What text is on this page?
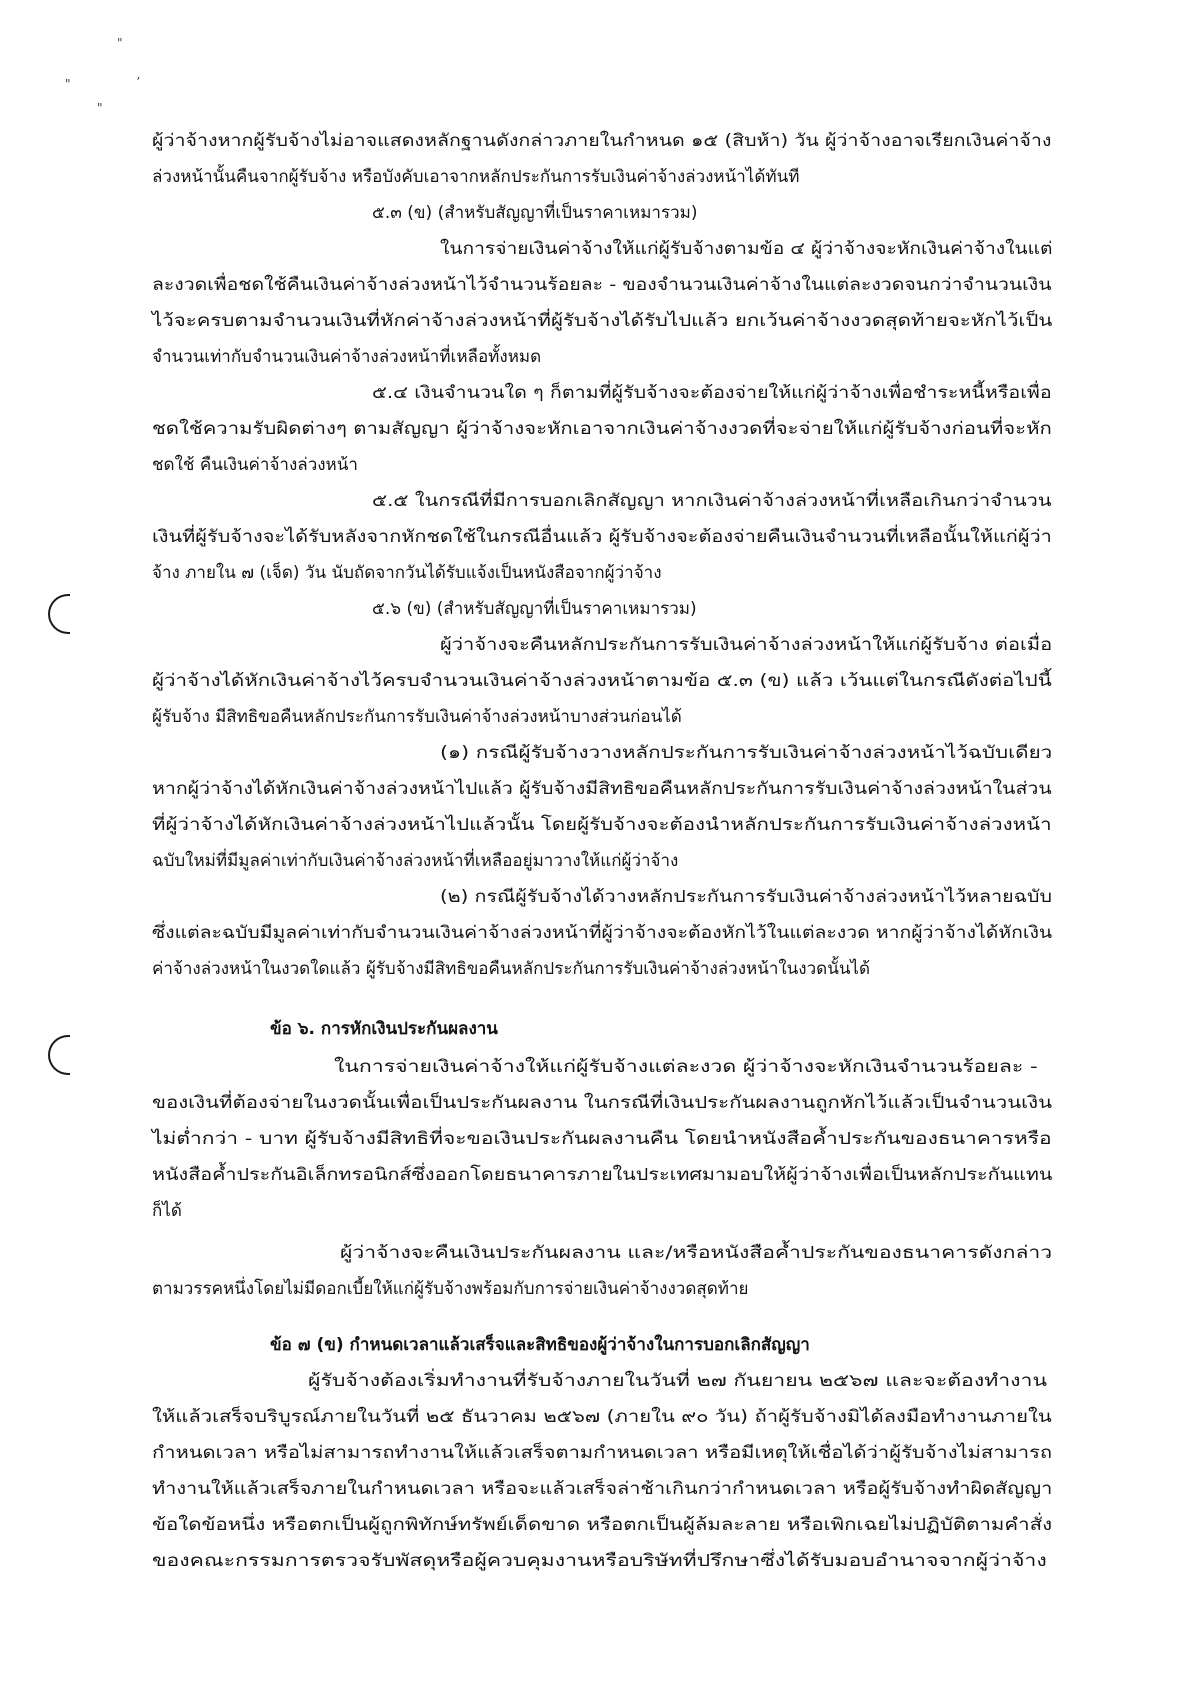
"
"	ʼ
"
ผู้ว่าจ้างหากผู้รับจ้างไม่อาจแสดงหลักฐานดังกล่าวภายในกำหนด ๑๕ (สิบห้า) วัน ผู้ว่าจ้างอาจเรียกเงินค่าจ้าง
ล่วงหน้านั้นคืนจากผู้รับจ้าง หรือบังคับเอาจากหลักประกันการรับเงินค่าจ้างล่วงหน้าได้ทันที
๕.๓ (ข) (สำหรับสัญญาที่เป็นราคาเหมารวม)
ในการจ่ายเงินค่าจ้างให้แก่ผู้รับจ้างตามข้อ ๔ ผู้ว่าจ้างจะหักเงินค่าจ้างในแต่
ละงวดเพื่อชดใช้คืนเงินค่าจ้างล่วงหน้าไว้จำนวนร้อยละ - ของจำนวนเงินค่าจ้างในแต่ละงวดจนกว่าจำนวนเงิน
ไว้จะครบตามจำนวนเงินที่หักค่าจ้างล่วงหน้าที่ผู้รับจ้างได้รับไปแล้ว ยกเว้นค่าจ้างงวดสุดท้ายจะหักไว้เป็น
จำนวนเท่ากับจำนวนเงินค่าจ้างล่วงหน้าที่เหลือทั้งหมด
๕.๔ เงินจำนวนใด ๆ ก็ตามที่ผู้รับจ้างจะต้องจ่ายให้แก่ผู้ว่าจ้างเพื่อชำระหนี้หรือเพื่อ
ชดใช้ความรับผิดต่างๆ ตามสัญญา ผู้ว่าจ้างจะหักเอาจากเงินค่าจ้างงวดที่จะจ่ายให้แก่ผู้รับจ้างก่อนที่จะหัก
ชดใช้ คืนเงินค่าจ้างล่วงหน้า
๕.๕ ในกรณีที่มีการบอกเลิกสัญญา หากเงินค่าจ้างล่วงหน้าที่เหลือเกินกว่าจำนวน
เงินที่ผู้รับจ้างจะได้รับหลังจากหักชดใช้ในกรณีอื่นแล้ว ผู้รับจ้างจะต้องจ่ายคืนเงินจำนวนที่เหลือนั้นให้แก่ผู้ว่า
จ้าง ภายใน ๗ (เจ็ด) วัน นับถัดจากวันได้รับแจ้งเป็นหนังสือจากผู้ว่าจ้าง
๕.๖ (ข) (สำหรับสัญญาที่เป็นราคาเหมารวม)
ผู้ว่าจ้างจะคืนหลักประกันการรับเงินค่าจ้างล่วงหน้าให้แก่ผู้รับจ้าง ต่อเมื่อ
ผู้ว่าจ้างได้หักเงินค่าจ้างไว้ครบจำนวนเงินค่าจ้างล่วงหน้าตามข้อ ๕.๓ (ข) แล้ว เว้นแต่ในกรณีดังต่อไปนี้
ผู้รับจ้าง มีสิทธิขอคืนหลักประกันการรับเงินค่าจ้างล่วงหน้าบางส่วนก่อนได้
(๑) กรณีผู้รับจ้างวางหลักประกันการรับเงินค่าจ้างล่วงหน้าไว้ฉบับเดียว
หากผู้ว่าจ้างได้หักเงินค่าจ้างล่วงหน้าไปแล้ว ผู้รับจ้างมีสิทธิขอคืนหลักประกันการรับเงินค่าจ้างล่วงหน้าในส่วน
ที่ผู้ว่าจ้างได้หักเงินค่าจ้างล่วงหน้าไปแล้วนั้น โดยผู้รับจ้างจะต้องนำหลักประกันการรับเงินค่าจ้างล่วงหน้า
ฉบับใหม่ที่มีมูลค่าเท่ากับเงินค่าจ้างล่วงหน้าที่เหลืออยู่มาวางให้แก่ผู้ว่าจ้าง
(๒) กรณีผู้รับจ้างได้วางหลักประกันการรับเงินค่าจ้างล่วงหน้าไว้หลายฉบับ
ซึ่งแต่ละฉบับมีมูลค่าเท่ากับจำนวนเงินค่าจ้างล่วงหน้าที่ผู้ว่าจ้างจะต้องหักไว้ในแต่ละงวด หากผู้ว่าจ้างได้หักเงิน
ค่าจ้างล่วงหน้าในงวดใดแล้ว ผู้รับจ้างมีสิทธิขอคืนหลักประกันการรับเงินค่าจ้างล่วงหน้าในงวดนั้นได้
ข้อ ๖. การหักเงินประกันผลงาน
ในการจ่ายเงินค่าจ้างให้แก่ผู้รับจ้างแต่ละงวด ผู้ว่าจ้างจะหักเงินจำนวนร้อยละ -
ของเงินที่ต้องจ่ายในงวดนั้นเพื่อเป็นประกันผลงาน ในกรณีที่เงินประกันผลงานถูกหักไว้แล้วเป็นจำนวนเงิน
ไม่ต่ำกว่า - บาท ผู้รับจ้างมีสิทธิที่จะขอเงินประกันผลงานคืน โดยนำหนังสือค้ำประกันของธนาคารหรือ
หนังสือค้ำประกันอิเล็กทรอนิกส์ซึ่งออกโดยธนาคารภายในประเทศมามอบให้ผู้ว่าจ้างเพื่อเป็นหลักประกันแทน
ก็ได้
ผู้ว่าจ้างจะคืนเงินประกันผลงาน และ/หรือหนังสือค้ำประกันของธนาคารดังกล่าว
ตามวรรคหนึ่งโดยไม่มีดอกเบี้ยให้แก่ผู้รับจ้างพร้อมกับการจ่ายเงินค่าจ้างงวดสุดท้าย
ข้อ ๗ (ข) กำหนดเวลาแล้วเสร็จและสิทธิของผู้ว่าจ้างในการบอกเลิกสัญญา
ผู้รับจ้างต้องเริ่มทำงานที่รับจ้างภายในวันที่ ๒๗ กันยายน ๒๕๖๗ และจะต้องทำงาน
ให้แล้วเสร็จบริบูรณ์ภายในวันที่ ๒๕ ธันวาคม ๒๕๖๗ (ภายใน ๙๐ วัน) ถ้าผู้รับจ้างมิได้ลงมือทำงานภายใน
กำหนดเวลา หรือไม่สามารถทำงานให้แล้วเสร็จตามกำหนดเวลา หรือมีเหตุให้เชื่อได้ว่าผู้รับจ้างไม่สามารถ
ทำงานให้แล้วเสร็จภายในกำหนดเวลา หรือจะแล้วเสร็จล่าช้าเกินกว่ากำหนดเวลา หรือผู้รับจ้างทำผิดสัญญา
ข้อใดข้อหนึ่ง หรือตกเป็นผู้ถูกพิทักษ์ทรัพย์เด็ดขาด หรือตกเป็นผู้ล้มละลาย หรือเพิกเฉยไม่ปฏิบัติตามคำสั่ง
ของคณะกรรมการตรวจรับพัสดุหรือผู้ควบคุมงานหรือบริษัทที่ปรึกษาซึ่งได้รับมอบอำนาจจากผู้ว่าจ้าง
